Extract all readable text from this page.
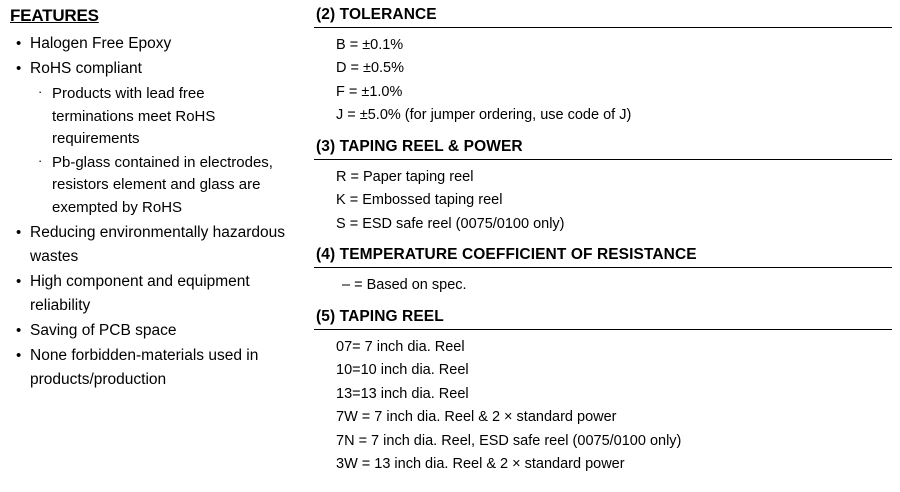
FEATURES
• Halogen Free Epoxy
• RoHS compliant
· Products with lead free terminations meet RoHS requirements
· Pb-glass contained in electrodes, resistors element and glass are exempted by RoHS
• Reducing environmentally hazardous wastes
• High component and equipment reliability
• Saving of PCB space
• None forbidden-materials used in products/production
(2) TOLERANCE
B = ±0.1%
D = ±0.5%
F = ±1.0%
J = ±5.0% (for jumper ordering, use code of J)
(3) TAPING REEL & POWER
R = Paper taping reel
K = Embossed taping reel
S = ESD safe reel (0075/0100 only)
(4) TEMPERATURE COEFFICIENT OF RESISTANCE
– = Based on spec.
(5) TAPING REEL
07= 7 inch dia. Reel
10=10 inch dia. Reel
13=13 inch dia. Reel
7W = 7 inch dia. Reel & 2 × standard power
7N = 7 inch dia. Reel, ESD safe reel (0075/0100 only)
3W = 13 inch dia. Reel & 2 × standard power
